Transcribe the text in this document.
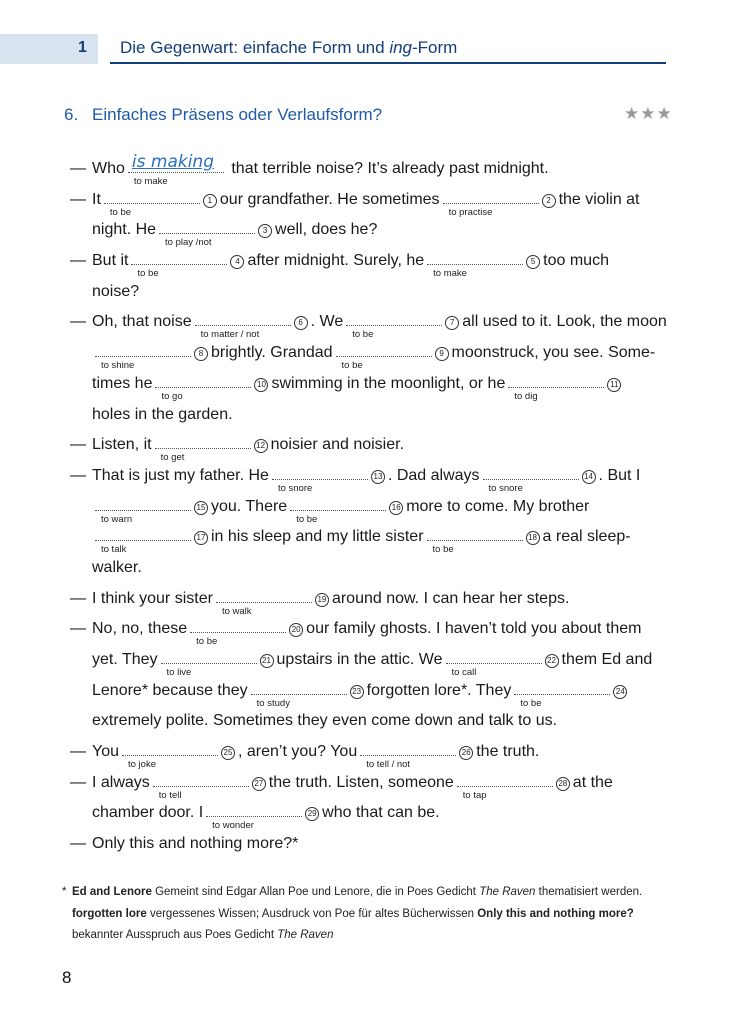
1 Die Gegenwart: einfache Form und ing-Form
6. Einfaches Präsens oder Verlaufsform?	★★★
— Who is making
to make
that terrible noise? It’s already past midnight.
— It
to be
1 our grandfather. He sometimes
to practise
2 the violin at
night. He
to play /not
3 well, does he?
— But it
to be
4 after midnight. Surely, he
to make
5 too much
noise?
— Oh, that noise
to matter / not
6 . We
to be
7 all used to it. Look, the moon
to shine
8 brightly. Grandad
to be
9 moonstruck, you see. Some-
times he
to go
10 swimming in the moonlight, or he
to dig
11
holes in the garden.
— Listen, it
to get
12 noisier and noisier.
— That is just my father. He
to snore
13 . Dad always
to snore
14 . But I
to warn
15 you. There
to be
16 more to come. My brother
to talk
17 in his sleep and my little sister
to be
18 a real sleep-
walker.
— I think your sister
to walk
19 around now. I can hear her steps.
— No, no, these
to be
20 our family ghosts. I haven’t told you about them
yet. They
to live
21 upstairs in the attic. We
to call
22 them Ed and
Lenore* because they
to study
23 forgotten lore*. They
to be
24
extremely polite. Sometimes they even come down and talk to us.
— You
to joke
25 , aren’t you? You
to tell / not
26 the truth.
— I always
to tell
27 the truth. Listen, someone
to tap
28 at the
chamber door. I
to wonder
29 who that can be.
— Only this and nothing more?*
* Ed and Lenore Gemeint sind Edgar Allan Poe und Lenore, die in Poes Gedicht The Raven thematisiert werden. forgotten lore vergessenes Wissen; Ausdruck von Poe für altes Bücherwissen Only this and nothing more? bekannter Ausspruch aus Poes Gedicht The Raven
8
